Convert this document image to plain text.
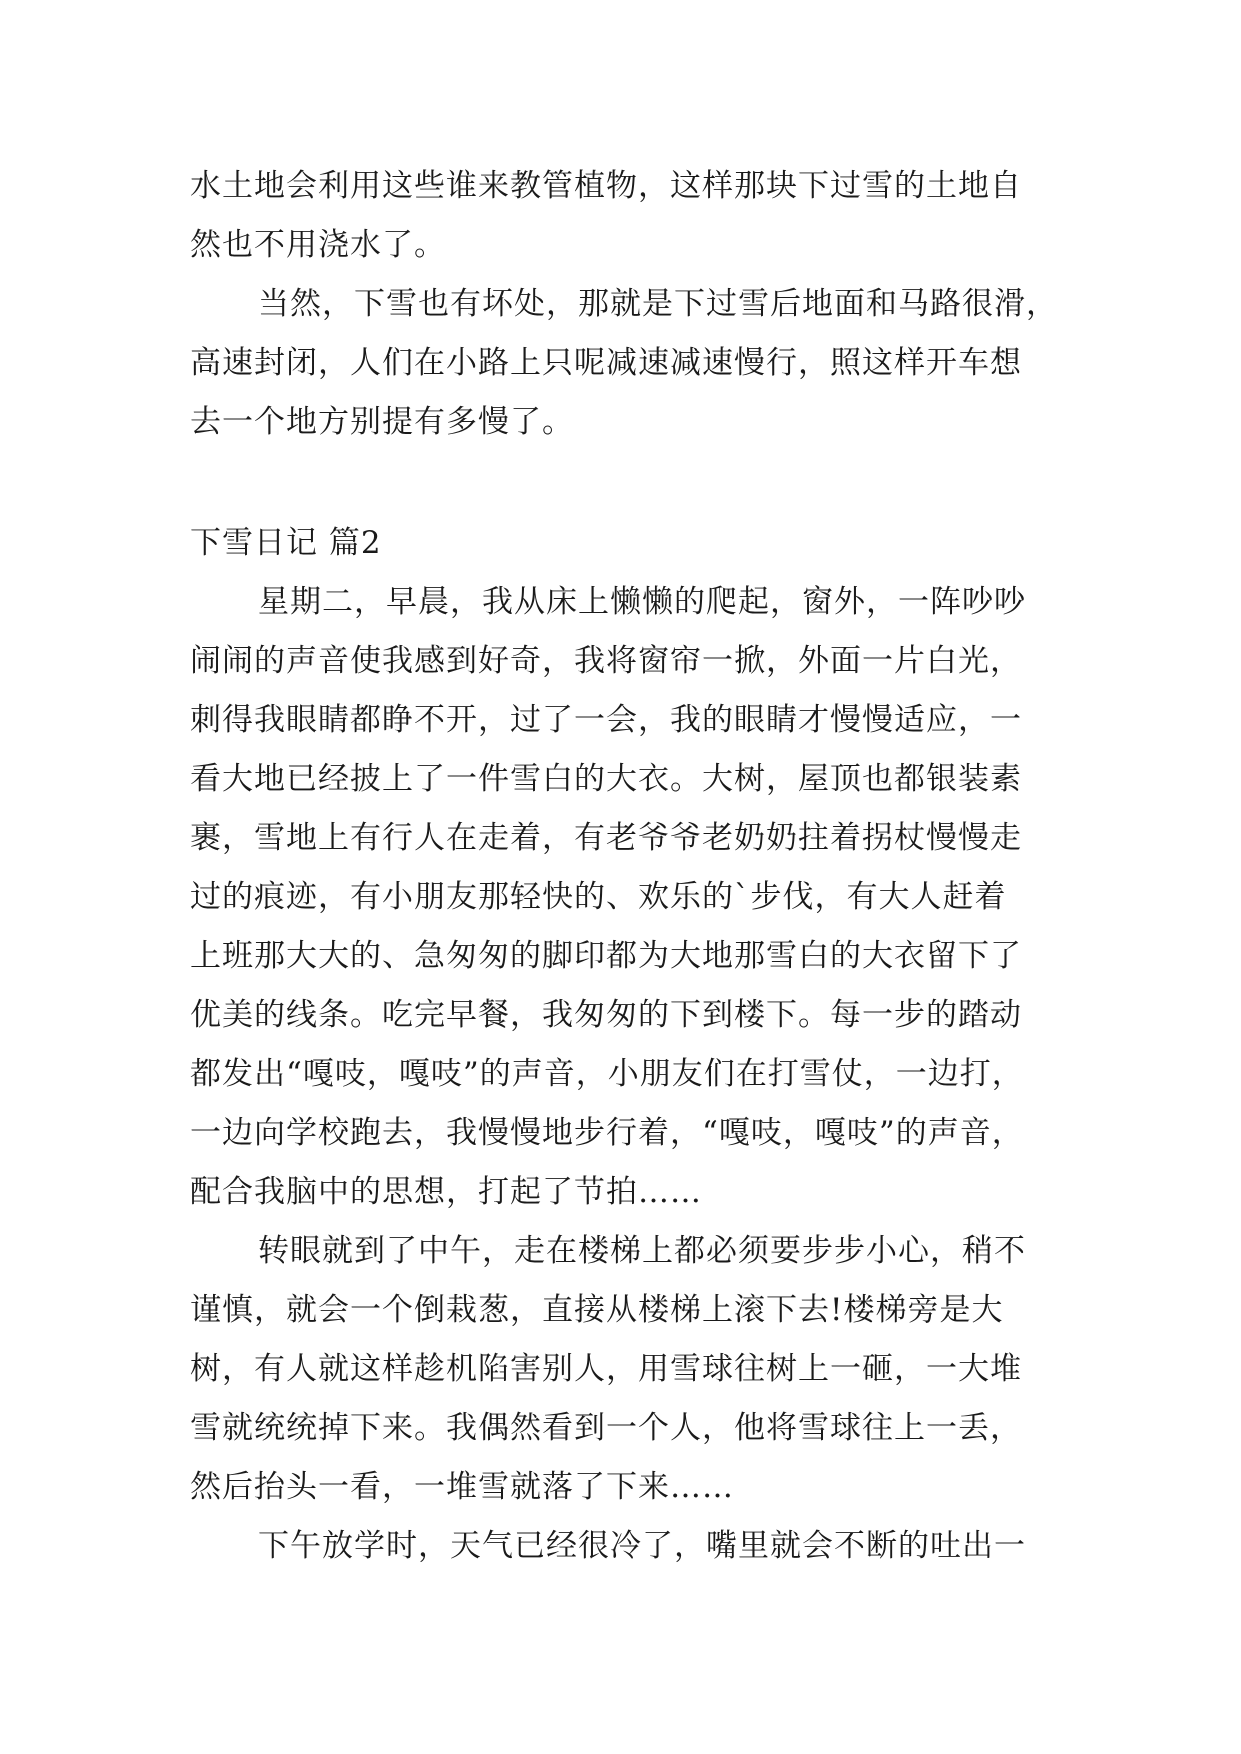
水土地会利用这些谁来教管植物，这样那块下过雪的土地自
然也不用浇水了。
当然，下雪也有坏处，那就是下过雪后地面和马路很滑，
高速封闭，人们在小路上只呢减速减速慢行，照这样开车想
去一个地方别提有多慢了。
下雪日记 篇2
星期二，早晨，我从床上懒懒的爬起，窗外，一阵吵吵
闹闹的声音使我感到好奇，我将窗帘一掀，外面一片白光，
刺得我眼睛都睁不开，过了一会，我的眼睛才慢慢适应，一
看大地已经披上了一件雪白的大衣。大树，屋顶也都银装素
裹，雪地上有行人在走着，有老爷爷老奶奶拄着拐杖慢慢走
过的痕迹，有小朋友那轻快的、欢乐的`步伐，有大人赶着
上班那大大的、急匆匆的脚印都为大地那雪白的大衣留下了
优美的线条。吃完早餐，我匆匆的下到楼下。每一步的踏动
都发出“嘎吱，嘎吱”的声音，小朋友们在打雪仗，一边打，
一边向学校跑去，我慢慢地步行着，“嘎吱，嘎吱”的声音，
配合我脑中的思想，打起了节拍……
转眼就到了中午，走在楼梯上都必须要步步小心，稍不
谨慎，就会一个倒栽葱，直接从楼梯上滚下去!楼梯旁是大
树，有人就这样趁机陷害别人，用雪球往树上一砸，一大堆
雪就统统掉下来。我偶然看到一个人，他将雪球往上一丢，
然后抬头一看，一堆雪就落了下来……
下午放学时，天气已经很冷了，嘴里就会不断的吐出一
